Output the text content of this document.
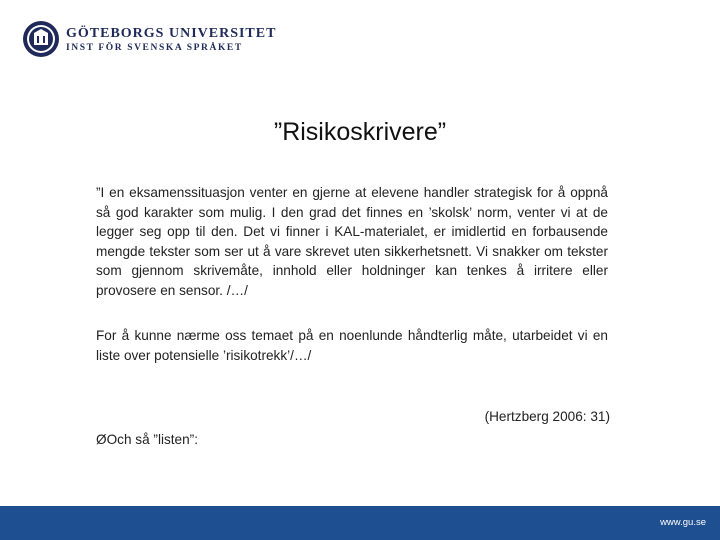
GÖTEBORGS UNIVERSITET
INST FÖR SVENSKA SPRÅKET
”Risikoskrivere”

”I en eksamenssituasjon venter en gjerne at elevene handler strategisk for å oppnå så god karakter som mulig. I den grad det finnes en ’skolsk’ norm, venter vi at de legger seg opp til den. Det vi finner i KAL-materialet, er imidlertid en forbausende mengde tekster som ser ut å vare skrevet uten sikkerhetsnett. Vi snakker om tekster som gjennom skrivemåte, innhold eller holdninger kan tenkes å irritere eller provosere en sensor. /…/

For å kunne nærme oss temaet på en noenlunde håndterlig måte, utarbeidet vi en liste over potensielle ’risikotrekk’/…/

(Hertzberg 2006: 31)
ØOch så ”listen”:
www.gu.se
